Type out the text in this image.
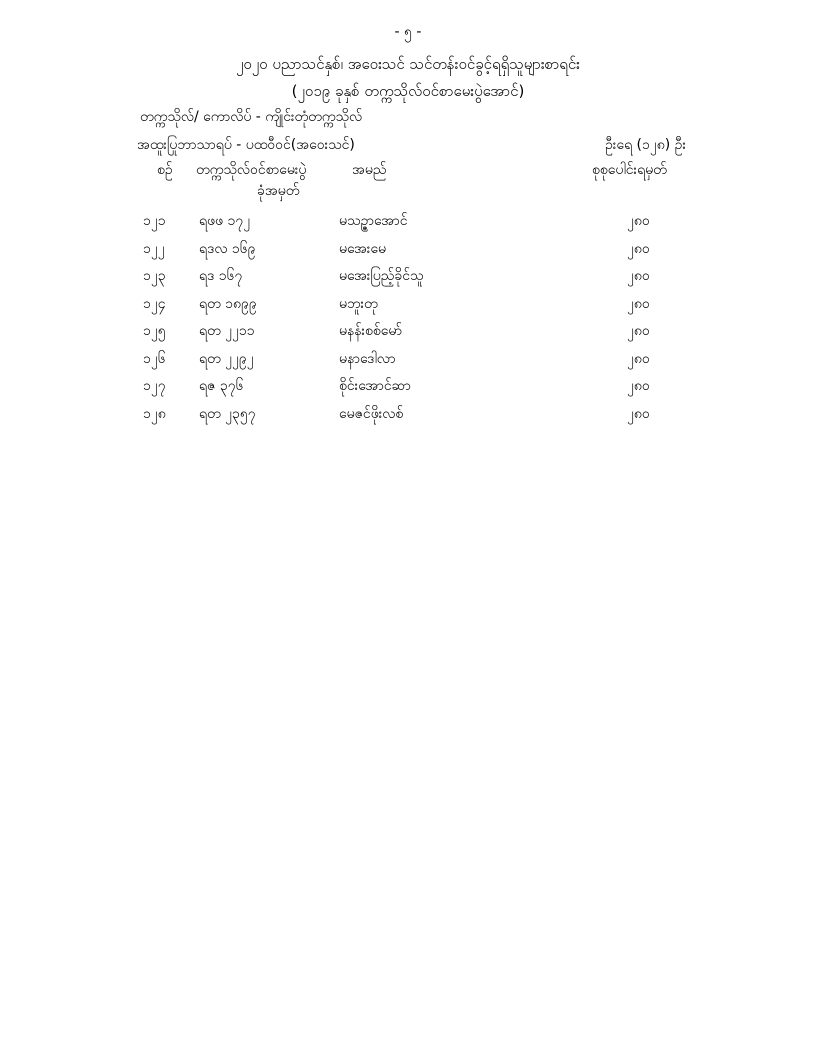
- ၅ -
၂၀၂၀ ပညာသင်နှစ်၊ အဝေးသင် သင်တန်းဝင်ခွင့်ရရှိသူများစာရင်း
(၂၀၁၉ ခုနှစ် တက္ကသိုလ်ဝင်စာမေးပွဲအောင်)
တက္ကသိုလ်/ ကောလိပ် - ကျိုင်းတုံတက္ကသိုလ်
အထူးပြုဘာသာရပ် - ပထဝီဝင်(အဝေးသင်)	ဦးရေ (၁၂၈) ဦး
စဉ် တက္ကသိုလ်ဝင်စာမေးပွဲ
ခုံအမှတ်
အမည်	စုစုပေါင်းရမှတ်
၁၂၁ ရဖဖ ၁၇၂	မသဥ္ဇာအောင်	၂၈၀
၁၂၂ ရဒလ ၁၆၉	မအေးမေ	၂၈၀
၁၂၃ ရဒ ၁၆၇	မအေးပြည့်ခိုင်သူ	၂၈၀
၁၂၄ ရတ ၁၈၉၉	မဘူးတု	၂၈၀
၁၂၅ ရတ ၂၂၁၁	မနန်းစစ်မော်	၂၈၀
၁၂၆ ရတ ၂၂၉၂	မနာဒေါလာ	၂၈၀
၁၂၇ ရဇ ၃၇၆	စိုင်းအောင်ဆာ	၂၈၀
၁၂၈ ရတ ၂၃၅၇	မေဇင်ဖိုးလစ်	၂၈၀
